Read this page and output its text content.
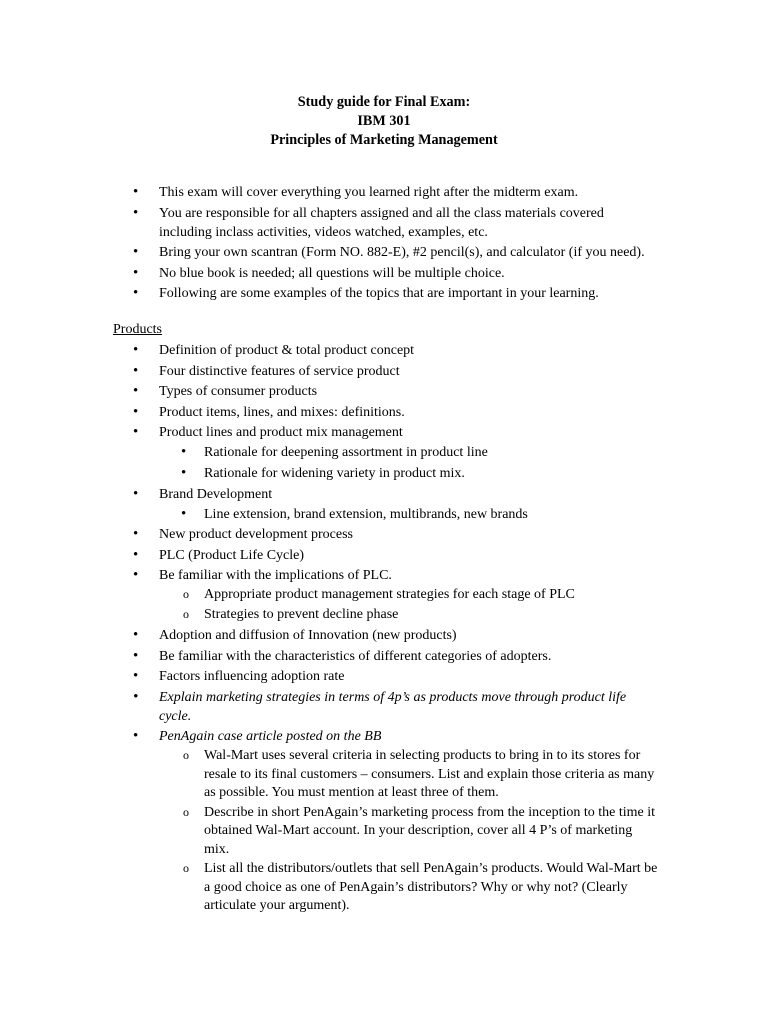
Study guide for Final Exam:
IBM 301
Principles of Marketing Management
• This exam will cover everything you learned right after the midterm exam.
• You are responsible for all chapters assigned and all the class materials covered including inclass activities, videos watched, examples, etc.
• Bring your own scantran (Form NO. 882-E), #2 pencil(s), and calculator (if you need).
• No blue book is needed; all questions will be multiple choice.
• Following are some examples of the topics that are important in your learning.
Products
• Definition of product & total product concept
• Four distinctive features of service product
• Types of consumer products
• Product items, lines, and mixes: definitions.
• Product lines and product mix management
• Rationale for deepening assortment in product line
• Rationale for widening variety in product mix.
• Brand Development
• Line extension, brand extension, multibrands, new brands
• New product development process
• PLC (Product Life Cycle)
• Be familiar with the implications of PLC.
o Appropriate product management strategies for each stage of PLC
o Strategies to prevent decline phase
• Adoption and diffusion of Innovation (new products)
• Be familiar with the characteristics of different categories of adopters.
• Factors influencing adoption rate
• Explain marketing strategies in terms of 4p’s as products move through product life cycle.
• PenAgain case article posted on the BB
o Wal-Mart uses several criteria in selecting products to bring in to its stores for resale to its final customers – consumers. List and explain those criteria as many as possible. You must mention at least three of them.
o Describe in short PenAgain’s marketing process from the inception to the time it obtained Wal-Mart account. In your description, cover all 4 P’s of marketing mix.
o List all the distributors/outlets that sell PenAgain’s products. Would Wal-Mart be a good choice as one of PenAgain’s distributors? Why or why not? (Clearly articulate your argument).
